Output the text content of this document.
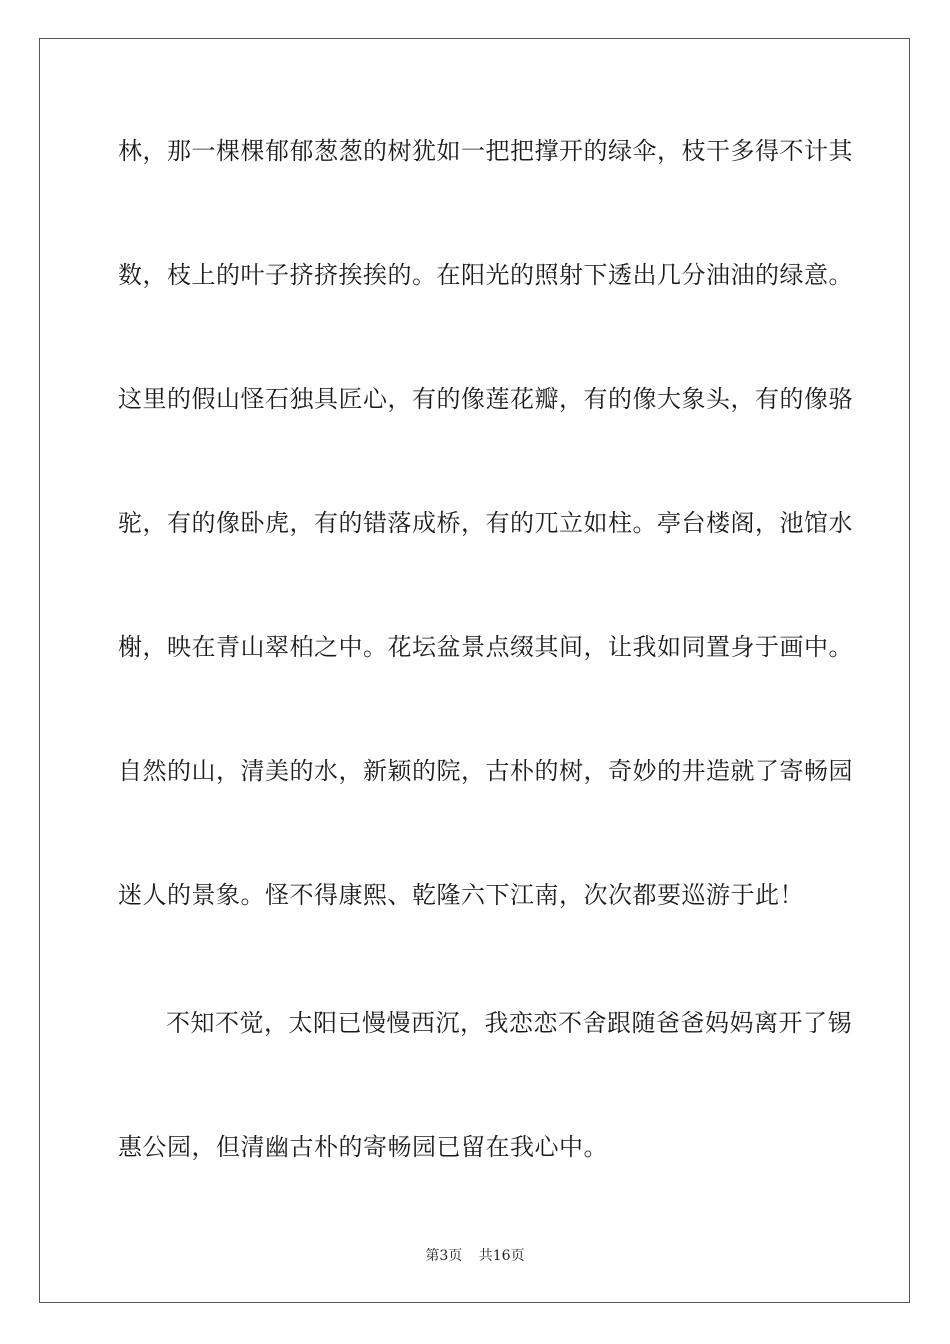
林，那一棵棵郁郁葱葱的树犹如一把把撑开的绿伞，枝干多得不计其
数，枝上的叶子挤挤挨挨的。在阳光的照射下透出几分油油的绿意。
这里的假山怪石独具匠心，有的像莲花瓣，有的像大象头，有的像骆
驼，有的像卧虎，有的错落成桥，有的兀立如柱。亭台楼阁，池馆水
榭，映在青山翠柏之中。花坛盆景点缀其间，让我如同置身于画中。
自然的山，清美的水，新颖的院，古朴的树，奇妙的井造就了寄畅园
迷人的景象。怪不得康熙、乾隆六下江南，次次都要巡游于此！
不知不觉，太阳已慢慢西沉，我恋恋不舍跟随爸爸妈妈离开了锡
惠公园，但清幽古朴的寄畅园已留在我心中。
第3页 共16页
